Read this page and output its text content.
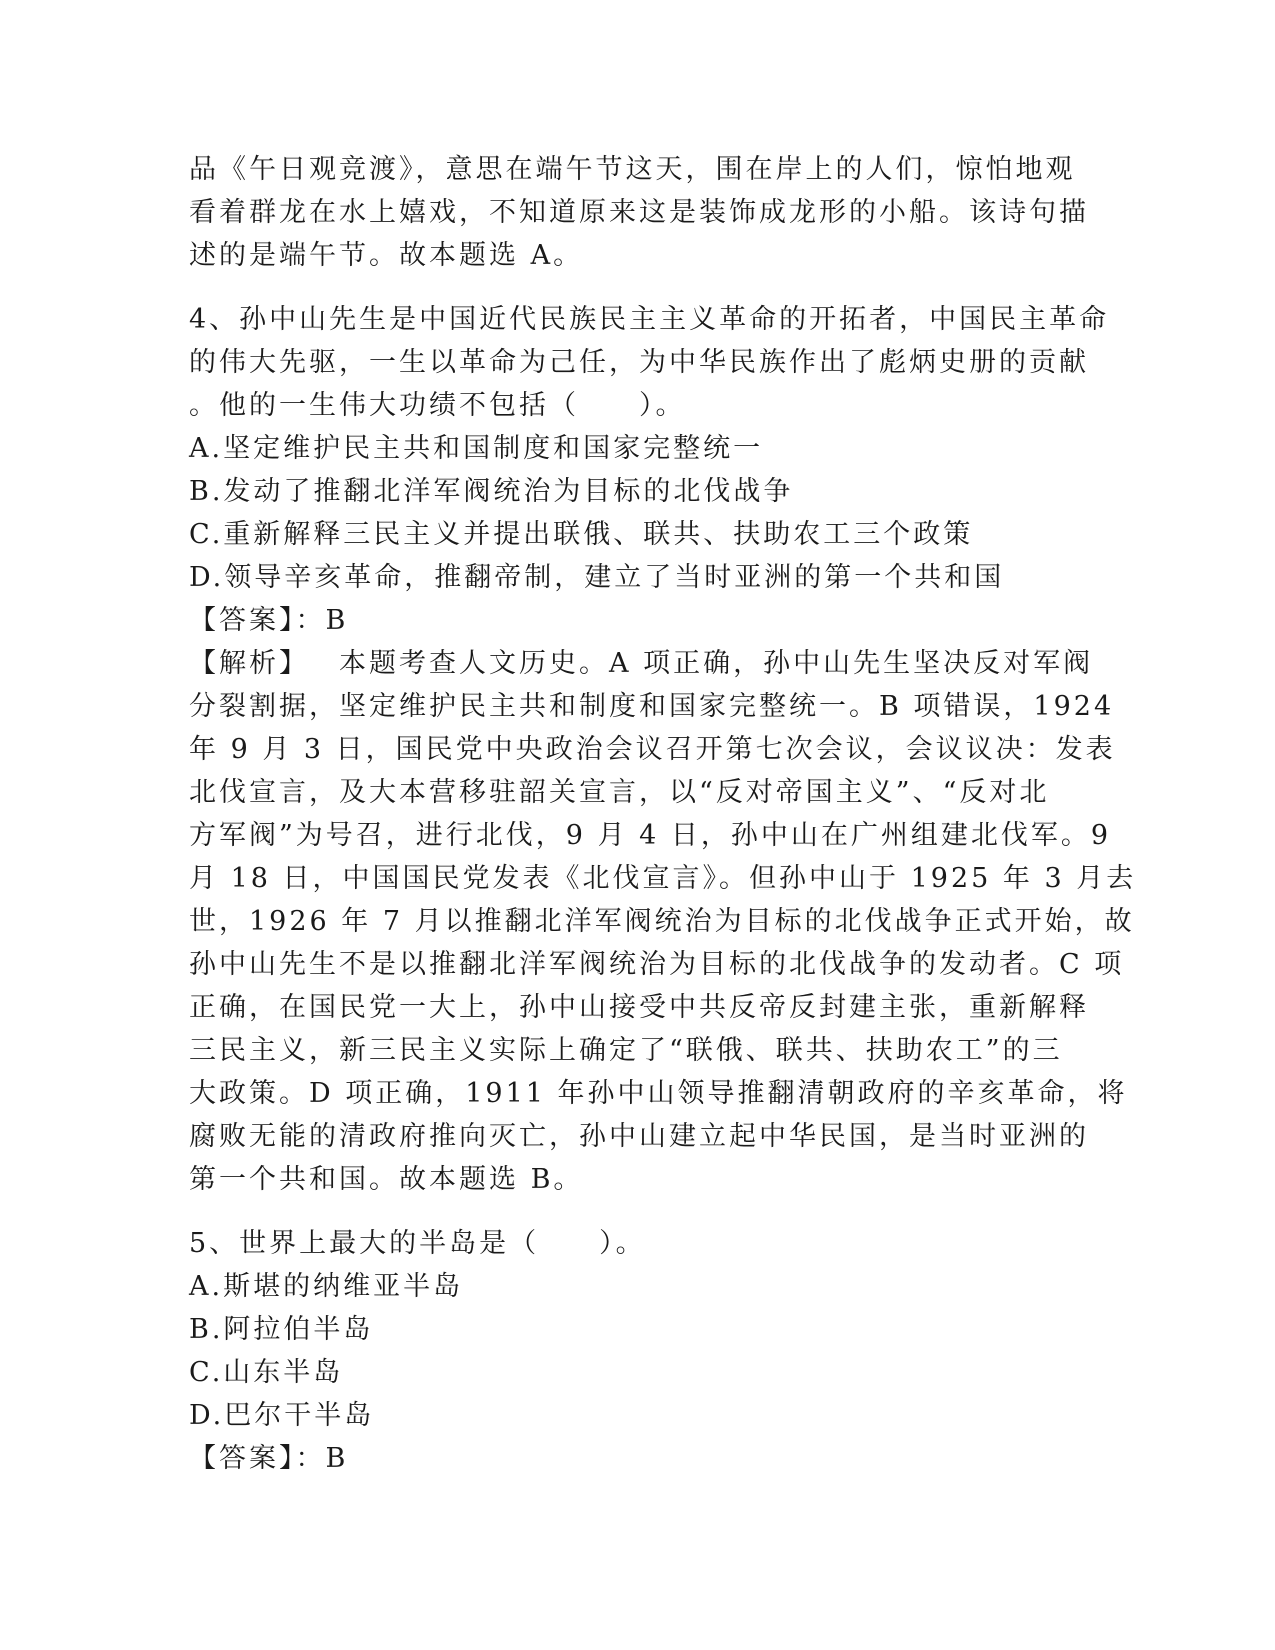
品《午日观竞渡》，意思在端午节这天，围在岸上的人们，惊怕地观

看着群龙在水上嬉戏，不知道原来这是装饰成龙形的小船。该诗句描

述的是端午节。故本题选 A。

4、孙中山先生是中国近代民族民主主义革命的开拓者，中国民主革命

的伟大先驱，一生以革命为己任，为中华民族作出了彪炳史册的贡献

。他的一生伟大功绩不包括（　　）。

A.坚定维护民主共和国制度和国家完整统一

B.发动了推翻北洋军阀统治为目标的北伐战争

C.重新解释三民主义并提出联俄、联共、扶助农工三个政策

D.领导辛亥革命，推翻帝制，建立了当时亚洲的第一个共和国

【答案】：B

【解析】 本题考查人文历史。A 项正确，孙中山先生坚决反对军阀

分裂割据，坚定维护民主共和制度和国家完整统一。B 项错误，1924

年 9 月 3 日，国民党中央政治会议召开第七次会议，会议议决：发表

北伐宣言，及大本营移驻韶关宣言，以“反对帝国主义”、“反对北

方军阀”为号召，进行北伐，9 月 4 日，孙中山在广州组建北伐军。9

月 18 日，中国国民党发表《北伐宣言》。但孙中山于 1925 年 3 月去

世，1926 年 7 月以推翻北洋军阀统治为目标的北伐战争正式开始，故

孙中山先生不是以推翻北洋军阀统治为目标的北伐战争的发动者。C 项

正确，在国民党一大上，孙中山接受中共反帝反封建主张，重新解释

三民主义，新三民主义实际上确定了“联俄、联共、扶助农工”的三

大政策。D 项正确，1911 年孙中山领导推翻清朝政府的辛亥革命，将

腐败无能的清政府推向灭亡，孙中山建立起中华民国，是当时亚洲的

第一个共和国。故本题选 B。

5、世界上最大的半岛是（　　）。

A.斯堪的纳维亚半岛

B.阿拉伯半岛

C.山东半岛

D.巴尔干半岛

【答案】：B
